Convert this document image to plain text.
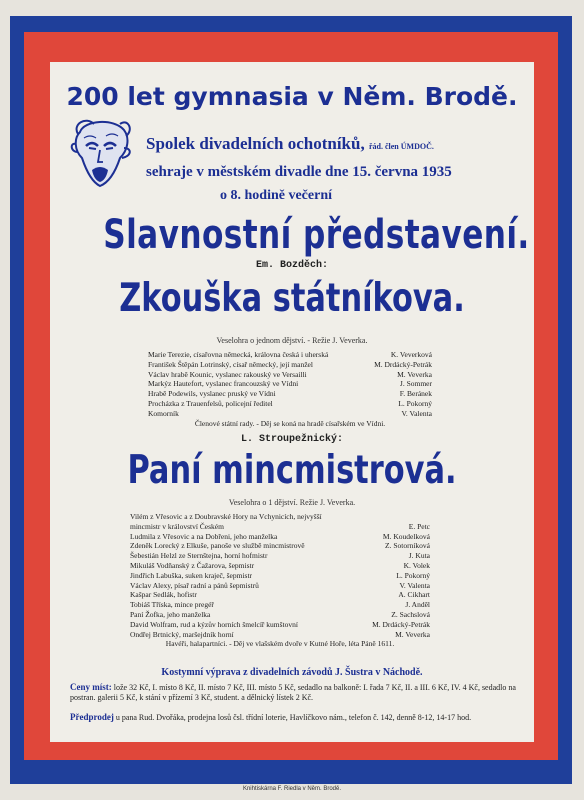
200 let gymnasia v Něm. Brodě.
Spolek divadelních ochotníků, řád. člen ÚMDOČ.
sehraje v městském divadle dne 15. června 1935
o 8. hodině večerní
Slavnostní představení.
Em. Bozděch:
Zkouška státníkova.
Veselohra o jednom dějství. - Režie J. Veverka.
Marie Terezie, císařovna německá, královna česká i uherská	K. Veverková
František Štěpán Lotrinský, císař německý, její manžel	M. Drdácký-Petrák
Václav hrabě Kounic, vyslanec rakouský ve Versailli	M. Veverka
Markýz Hautefort, vyslanec francouzský ve Vídni	J. Sommer
Hrabě Podewils, vyslanec pruský ve Vídni	F. Beránek
Procházka z Trauenfelsů, policejní ředitel	L. Pokorný
Komorník	V. Valenta
Členové státní rady. - Děj se koná na hradě císařském ve Vídni.
L. Stroupežnický:
Paní mincmistrová.
Veselohra o 1 dějství. Režie J. Veverka.
Vilém z Vřesovic a z Doubravské Hory na Vchynicích, nejvyšší mincmistr v království Českém	E. Petc
Ludmila z Vřesovic a na Dobřeni, jeho manželka	M. Koudelková
Zdeněk Lorecký z Elkuše, panoše ve službě mincmistrově	Z. Sotorníková
Šebestián Helzl ze Sternštejna, horní hofmistr	J. Kuta
Mikuláš Vodňanský z Čažarova, šepmistr	K. Volek
Jindřich Labuška, suken kraječ, šepmistr	L. Pokorný
Václav Alexy, písař radní a pánů šepmistrů	V. Valenta
Kašpar Sedlák, hofistr	A. Cikhart
Tobiáš Tříska, mince pregéř	J. Anděl
Paní Žofka, jeho manželka	Z. Sachslová
David Wolfram, rud a kýzův horních šmelcíř kumštovní	M. Drdácký-Petrák
Ondřej Brtnický, maršejdník horní	M. Veverka
Havéři, halapartníci. - Děj ve vlašském dvoře v Kutné Hoře, léta Páně 1611.
Kostymní výprava z divadelních závodů J. Šustra v Náchodě.
Ceny míst: lože 32 Kč, I. místo 8 Kč, II. místo 7 Kč, III. místo 5 Kč, sedadlo na balkoně: I. řada 7 Kč, II. a III. 6 Kč, IV. 4 Kč, sedadlo na postran. galerii 5 Kč, k stání v přízemí 3 Kč, student. a dělnický lístek 2 Kč.
Předprodej u pana Rud. Dvořáka, prodejna losů čsl. třídní loterie, Havlíčkovo nám., telefon č. 142, denně 8-12, 14-17 hod.
Knihtiskárna F. Riedla v Něm. Brodě.
